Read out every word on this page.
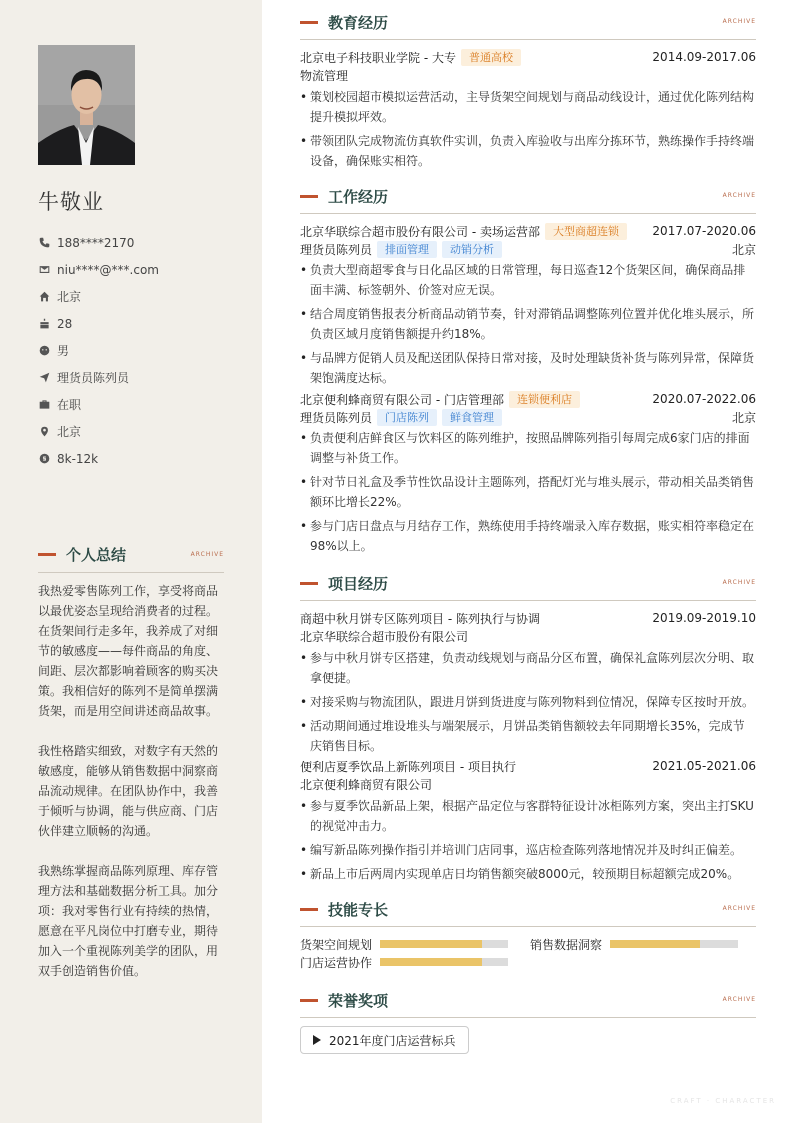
牛敬业
188****2170
niu****@***.com
北京
28
男
理货员陈列员
在职
北京
8k-12k
个人总结	ARCHIVE

我热爱零售陈列工作，享受将商品以最优姿态呈现给消费者的过程。在货架间行走多年，我养成了对细节的敏感度——每件商品的角度、间距、层次都影响着顾客的购买决策。我相信好的陈列不是简单摆满货架，而是用空间讲述商品故事。

我性格踏实细致，对数字有天然的敏感度，能够从销售数据中洞察商品流动规律。在团队协作中，我善于倾听与协调，能与供应商、门店伙伴建立顺畅的沟通。

我熟练掌握商品陈列原理、库存管理方法和基础数据分析工具。加分项：我对零售行业有持续的热情，愿意在平凡岗位中打磨专业，期待加入一个重视陈列美学的团队，用双手创造销售价值。

教育经历	ARCHIVE
北京电子科技职业学院 - 大专	普通高校	2014.09-2017.06
物流管理
• 策划校园超市模拟运营活动，主导货架空间规划与商品动线设计，通过优化陈列结构提升模拟坪效。
• 带领团队完成物流仿真软件实训，负责入库验收与出库分拣环节，熟练操作手持终端设备，确保账实相符。
工作经历	ARCHIVE
北京华联综合超市股份有限公司 - 卖场运营部	大型商超连锁	2017.07-2020.06
理货员陈列员	排面管理	动销分析	北京
• 负责大型商超零食与日化品区域的日常管理，每日巡查12个货架区间，确保商品排面丰满、标签朝外、价签对应无误。
• 结合周度销售报表分析商品动销节奏，针对滞销品调整陈列位置并优化堆头展示，所负责区域月度销售额提升约18%。
• 与品牌方促销人员及配送团队保持日常对接，及时处理缺货补货与陈列异常，保障货架饱满度达标。
北京便利蜂商贸有限公司 - 门店管理部	连锁便利店	2020.07-2022.06
理货员陈列员	门店陈列	鲜食管理	北京
• 负责便利店鲜食区与饮料区的陈列维护，按照品牌陈列指引每周完成6家门店的排面调整与补货工作。
• 针对节日礼盒及季节性饮品设计主题陈列，搭配灯光与堆头展示，带动相关品类销售额环比增长22%。
• 参与门店日盘点与月结存工作，熟练使用手持终端录入库存数据，账实相符率稳定在98%以上。
项目经历	ARCHIVE
商超中秋月饼专区陈列项目 - 陈列执行与协调	2019.09-2019.10
北京华联综合超市股份有限公司
• 参与中秋月饼专区搭建，负责动线规划与商品分区布置，确保礼盒陈列层次分明、取拿便捷。
• 对接采购与物流团队，跟进月饼到货进度与陈列物料到位情况，保障专区按时开放。
• 活动期间通过堆设堆头与端架展示，月饼品类销售额较去年同期增长35%，完成节庆销售目标。
便利店夏季饮品上新陈列项目 - 项目执行	2021.05-2021.06
北京便利蜂商贸有限公司
• 参与夏季饮品新品上架，根据产品定位与客群特征设计冰柜陈列方案，突出主打SKU的视觉冲击力。
• 编写新品陈列操作指引并培训门店同事，巡店检查陈列落地情况并及时纠正偏差。
• 新品上市后两周内实现单店日均销售额突破8000元，较预期目标超额完成20%。
技能专长	ARCHIVE
货架空间规划	销售数据洞察
门店运营协作
荣誉奖项	ARCHIVE
2021年度门店运营标兵
CRAFT · CHARACTER
